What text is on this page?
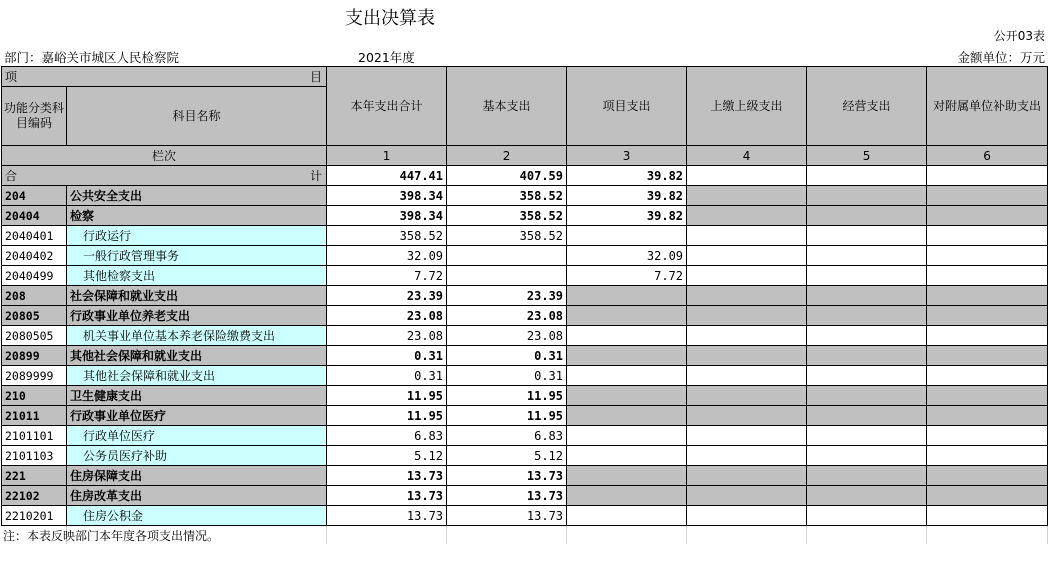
支出决算表
公开03表
部门：嘉峪关市城区人民检察院	2021年度	金额单位：万元
项 目		本年支出合计	基本支出	项目支出	上缴上级支出	经营支出	对附属单位补助支出
功能分类科目编码	科目名称						
栏次		1	2	3	4	5	6
合 计		447.41	407.59	39.82			
204	公共安全支出	398.34	358.52	39.82			
20404	检察	398.34	358.52	39.82			
2040401	行政运行	358.52	358.52				
2040402	一般行政管理事务	32.09		32.09			
2040499	其他检察支出	7.72		7.72			
208	社会保障和就业支出	23.39	23.39				
20805	行政事业单位养老支出	23.08	23.08				
2080505	机关事业单位基本养老保险缴费支出	23.08	23.08				
20899	其他社会保障和就业支出	0.31	0.31				
2089999	其他社会保障和就业支出	0.31	0.31				
210	卫生健康支出	11.95	11.95				
21011	行政事业单位医疗	11.95	11.95				
2101101	行政单位医疗	6.83	6.83				
2101103	公务员医疗补助	5.12	5.12				
221	住房保障支出	13.73	13.73				
22102	住房改革支出	13.73	13.73				
2210201	住房公积金	13.73	13.73				

注：本表反映部门本年度各项支出情况。
